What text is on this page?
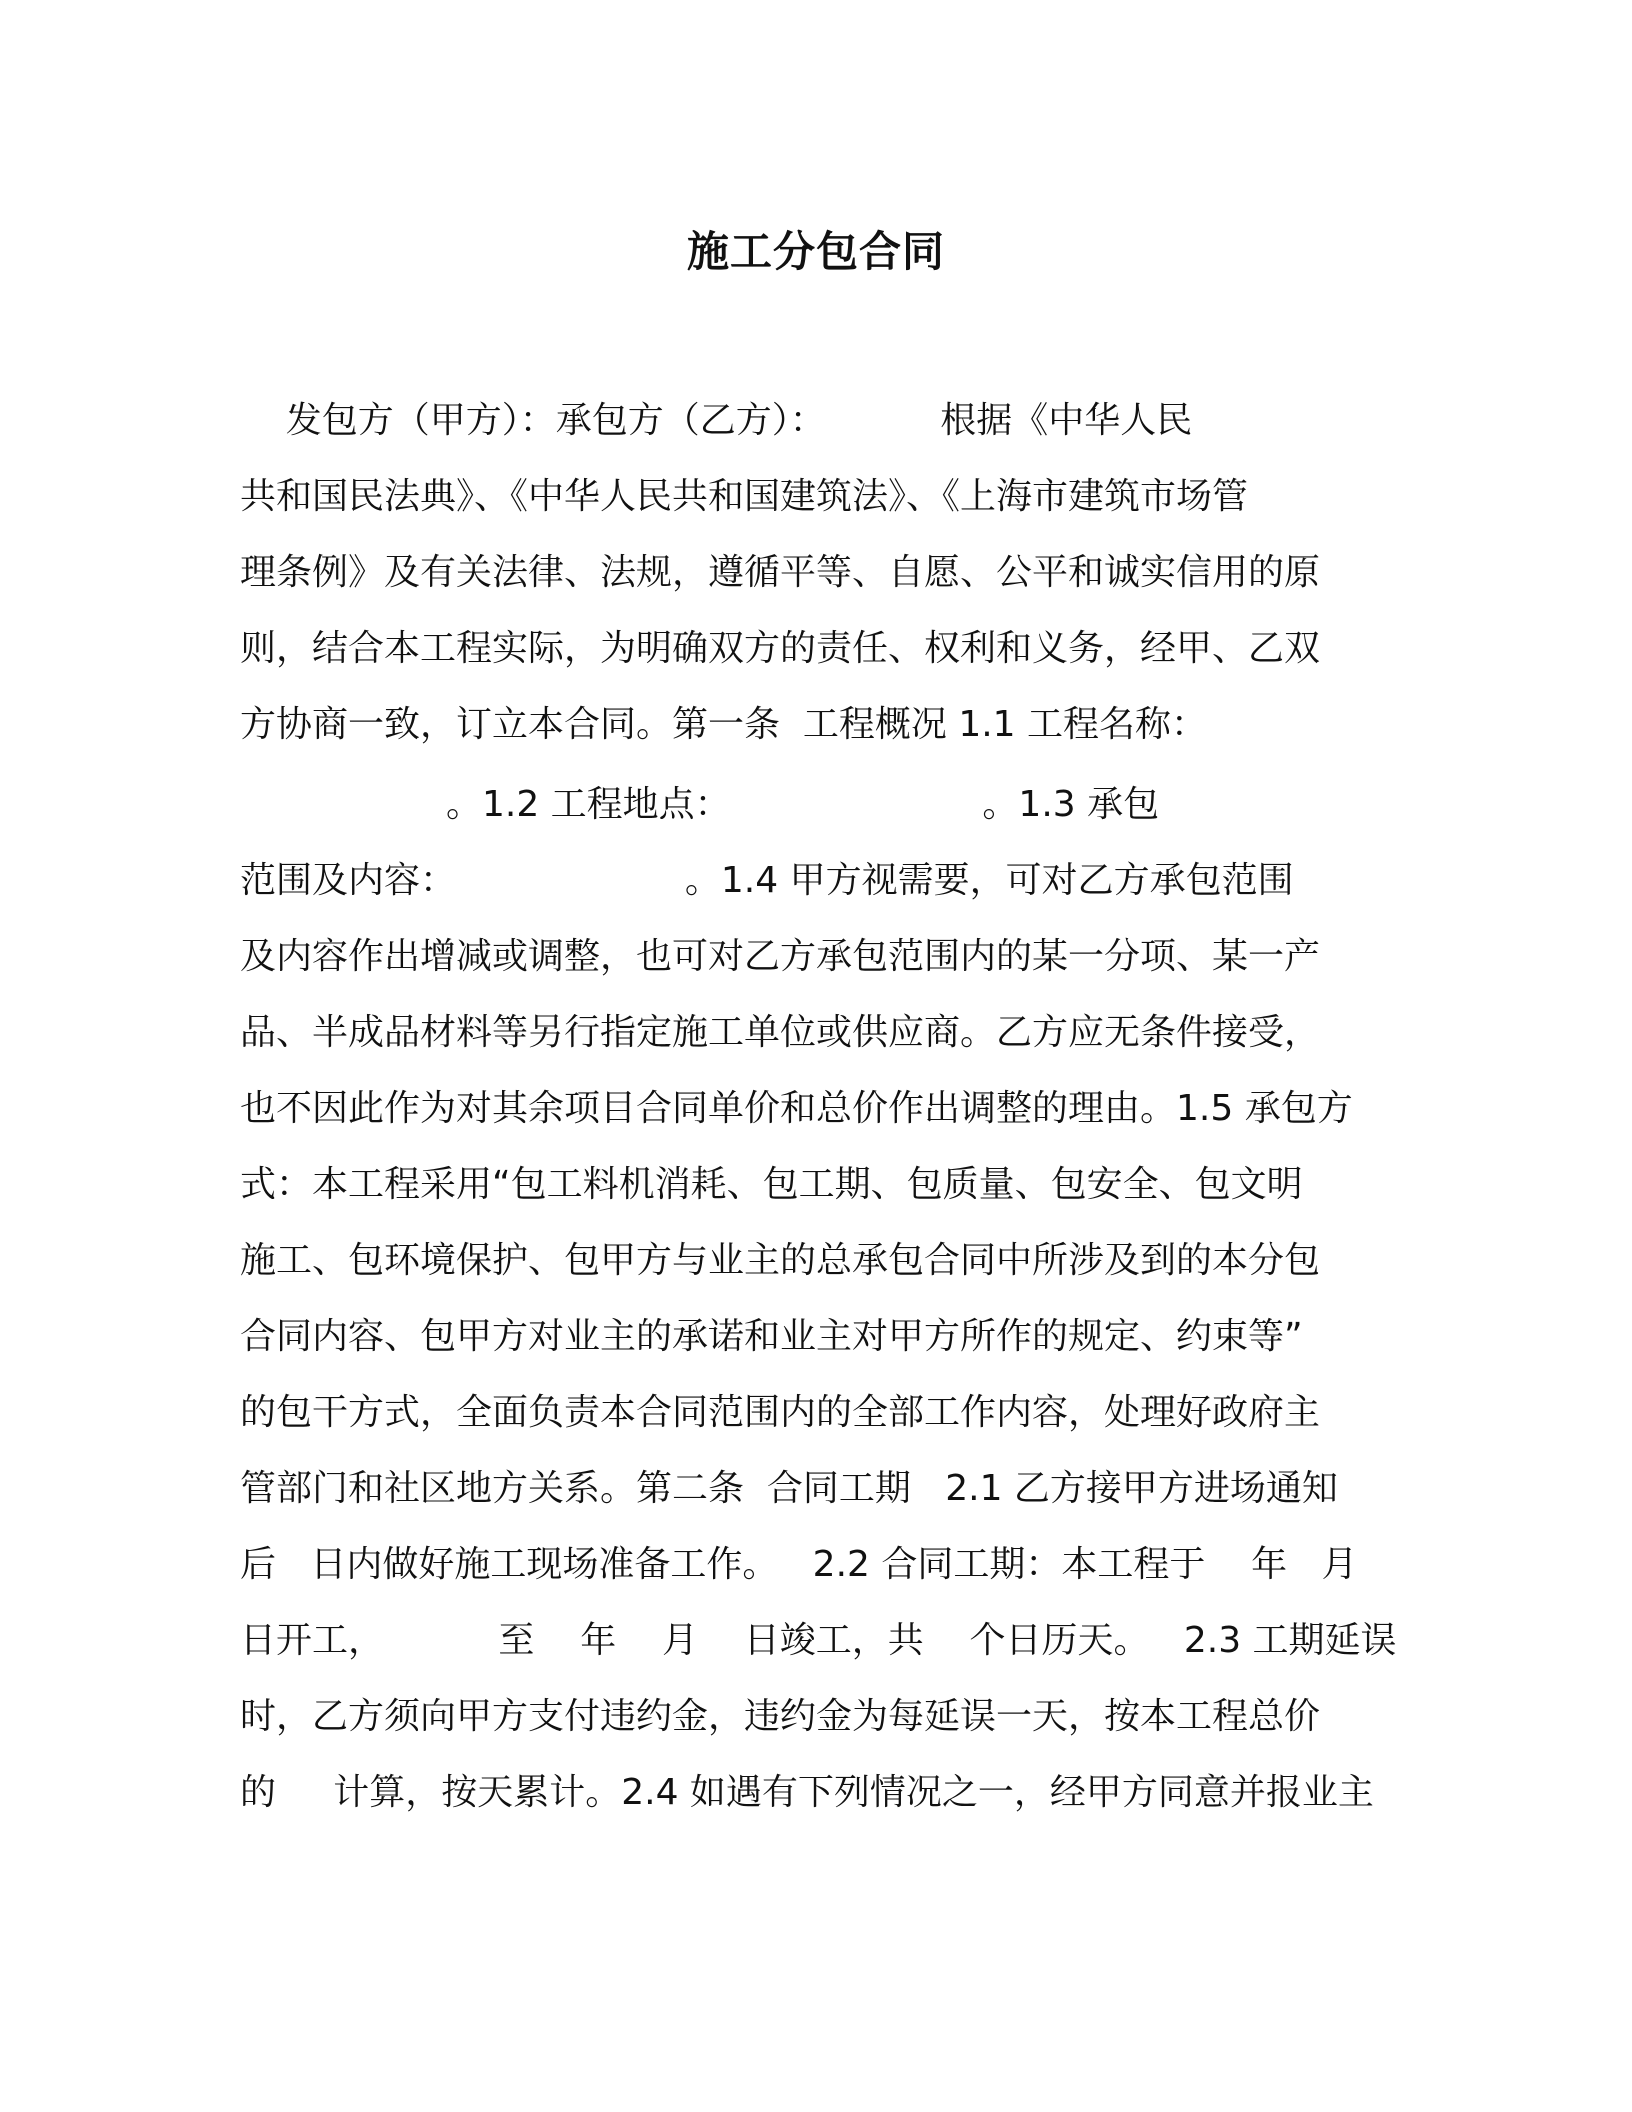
施工分包合同

发包方（甲方）：承包方（乙方）：          根据《中华人民

共和国民法典》、《中华人民共和国建筑法》、《上海市建筑市场管

理条例》及有关法律、法规，遵循平等、自愿、公平和诚实信用的原

则，结合本工程实际，为明确双方的责任、权利和义务，经甲、乙双

方协商一致，订立本合同。第一条  工程概况 1.1 工程名称：

。1.2 工程地点：                      。1.3 承包

范围及内容：                    。1.4 甲方视需要，可对乙方承包范围

及内容作出增减或调整，也可对乙方承包范围内的某一分项、某一产

品、半成品材料等另行指定施工单位或供应商。乙方应无条件接受，

也不因此作为对其余项目合同单价和总价作出调整的理由。1.5 承包方

式：本工程采用“包工料机消耗、包工期、包质量、包安全、包文明

施工、包环境保护、包甲方与业主的总承包合同中所涉及到的本分包

合同内容、包甲方对业主的承诺和业主对甲方所作的规定、约束等”

的包干方式，全面负责本合同范围内的全部工作内容，处理好政府主

管部门和社区地方关系。第二条  合同工期   2.1 乙方接甲方进场通知

后   日内做好施工现场准备工作。   2.2 合同工期：本工程于    年   月

日开工，          至    年    月    日竣工，共    个日历天。   2.3 工期延误

时，乙方须向甲方支付违约金，违约金为每延误一天，按本工程总价

的     计算，按天累计。2.4 如遇有下列情况之一，经甲方同意并报业主
